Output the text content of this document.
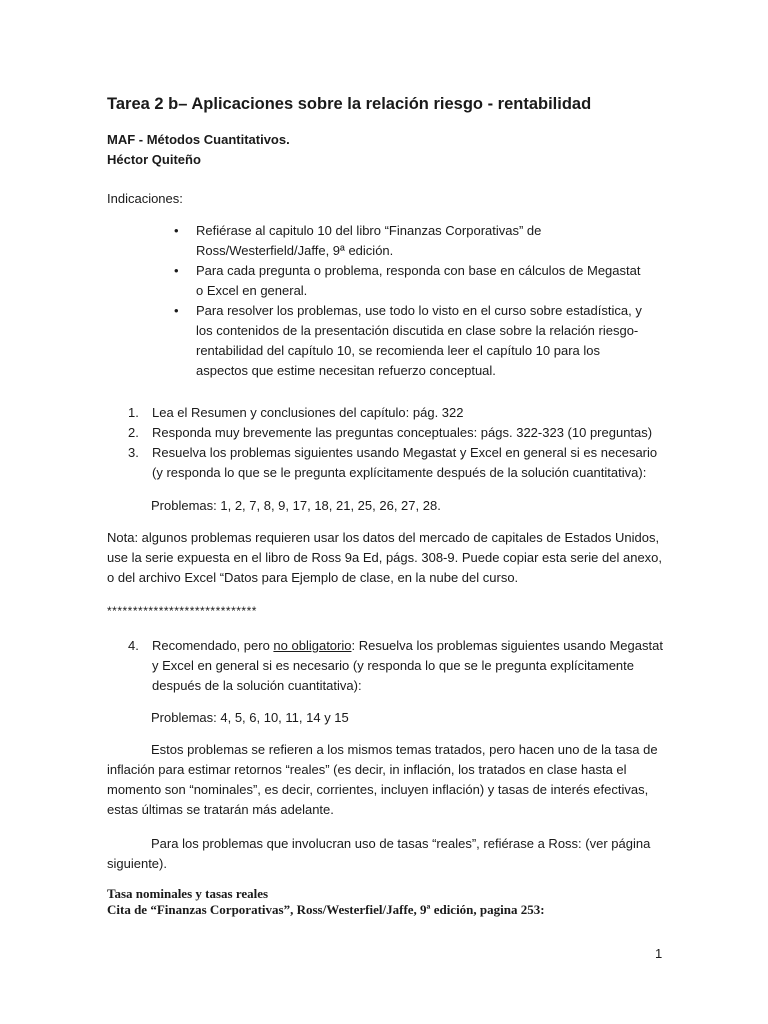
Tarea 2 b– Aplicaciones sobre la relación riesgo - rentabilidad
MAF - Métodos Cuantitativos.
Héctor Quiteño
Indicaciones:
• Refiérase al capitulo 10 del libro “Finanzas Corporativas” de Ross/Westerfield/Jaffe, 9ª edición.
• Para cada pregunta o problema, responda con base en cálculos de Megastat o Excel en general.
• Para resolver los problemas, use todo lo visto en el curso sobre estadística, y los contenidos de la presentación discutida en clase sobre la relación riesgo-rentabilidad del capítulo 10, se recomienda leer el capítulo 10 para los aspectos que estime necesitan refuerzo conceptual.
1. Lea el Resumen y conclusiones del capítulo: pág. 322
2. Responda muy brevemente las preguntas conceptuales: págs. 322-323 (10 preguntas)
3. Resuelva los problemas siguientes usando Megastat y Excel en general si es necesario (y responda lo que se le pregunta explícitamente después de la solución cuantitativa):
Problemas: 1, 2, 7, 8, 9, 17, 18, 21, 25, 26, 27, 28.
Nota: algunos problemas requieren usar los datos del mercado de capitales de Estados Unidos, use la serie expuesta en el libro de Ross 9a Ed, págs. 308-9. Puede copiar esta serie del anexo, o del archivo Excel “Datos para Ejemplo de clase, en la nube del curso.
*****************************
4. Recomendado, pero no obligatorio: Resuelva los problemas siguientes usando Megastat y Excel en general si es necesario (y responda lo que se le pregunta explícitamente después de la solución cuantitativa):
Problemas: 4, 5, 6, 10, 11, 14 y 15
Estos problemas se refieren a los mismos temas tratados, pero hacen uno de la tasa de inflación para estimar retornos “reales” (es decir, in inflación, los tratados en clase hasta el momento son “nominales”, es decir, corrientes, incluyen inflación) y tasas de interés efectivas, estas últimas se tratarán más adelante.
Para los problemas que involucran uso de tasas “reales”, refiérase a Ross: (ver página siguiente).
Tasa nominales y tasas reales
Cita de “Finanzas Corporativas”, Ross/Westerfiel/Jaffe, 9ª edición, pagina 253:
1
